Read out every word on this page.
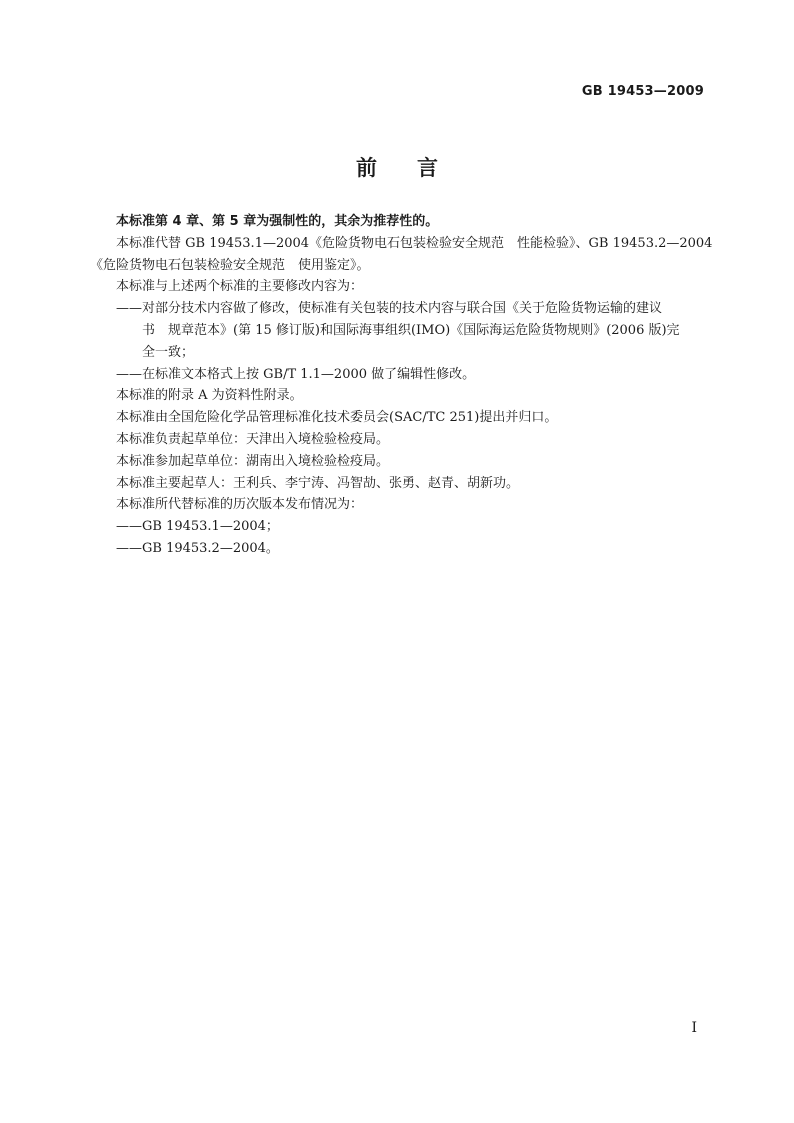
GB 19453—2009
前言

本标准第 4 章、第 5 章为强制性的，其余为推荐性的。

本标准代替 GB 19453.1—2004《危险货物电石包装检验安全规范　性能检验》、GB 19453.2—2004

《危险货物电石包装检验安全规范　使用鉴定》。

本标准与上述两个标准的主要修改内容为：

—— 对部分技术内容做了修改，使标准有关包装的技术内容与联合国《关于危险货物运输的建议
书　规章范本》(第 15 修订版)和国际海事组织(IMO)《国际海运危险货物规则》(2006 版)完
全一致；
—— 在标准文本格式上按 GB/T 1.1—2000 做了编辑性修改。

本标准的附录 A 为资料性附录。

本标准由全国危险化学品管理标准化技术委员会(SAC/TC 251)提出并归口。

本标准负责起草单位：天津出入境检验检疫局。

本标准参加起草单位：湖南出入境检验检疫局。

本标准主要起草人：王利兵、李宁涛、冯智劼、张勇、赵青、胡新功。

本标准所代替标准的历次版本发布情况为：

——GB 19453.1—2004；

——GB 19453.2—2004。

I
